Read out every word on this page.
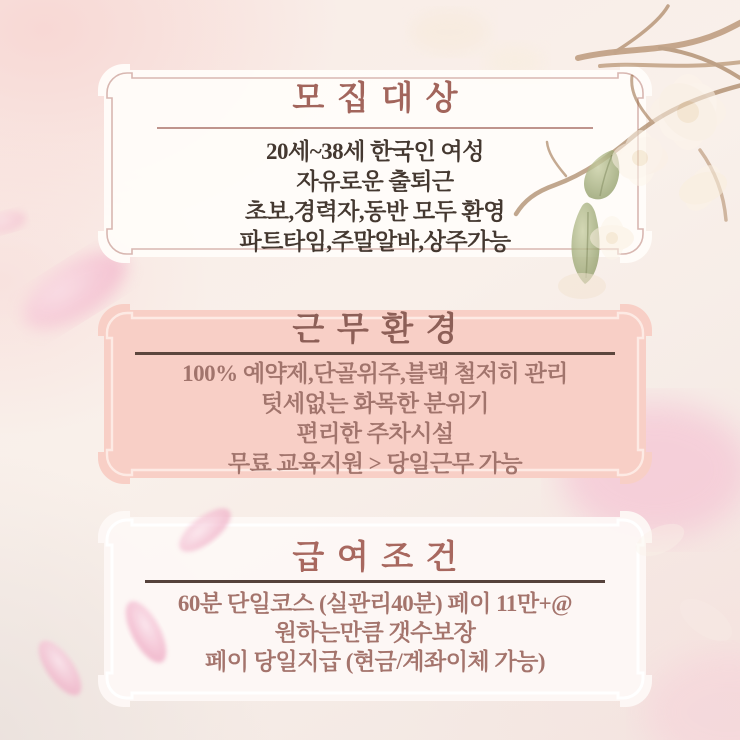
모집대상
20세~38세 한국인 여성
자유로운 출퇴근
초보,경력자,동반 모두 환영
파트타임,주말알바,상주가능
근무환경
100% 예약제,단골위주,블랙 철저히 관리
텃세없는 화목한 분위기
편리한 주차시설
무료 교육지원 > 당일근무 가능
급여조건
60분 단일코스 (실관리40분) 페이 11만+@
원하는만큼 갯수보장
페이 당일지급 (현금/계좌이체 가능)
